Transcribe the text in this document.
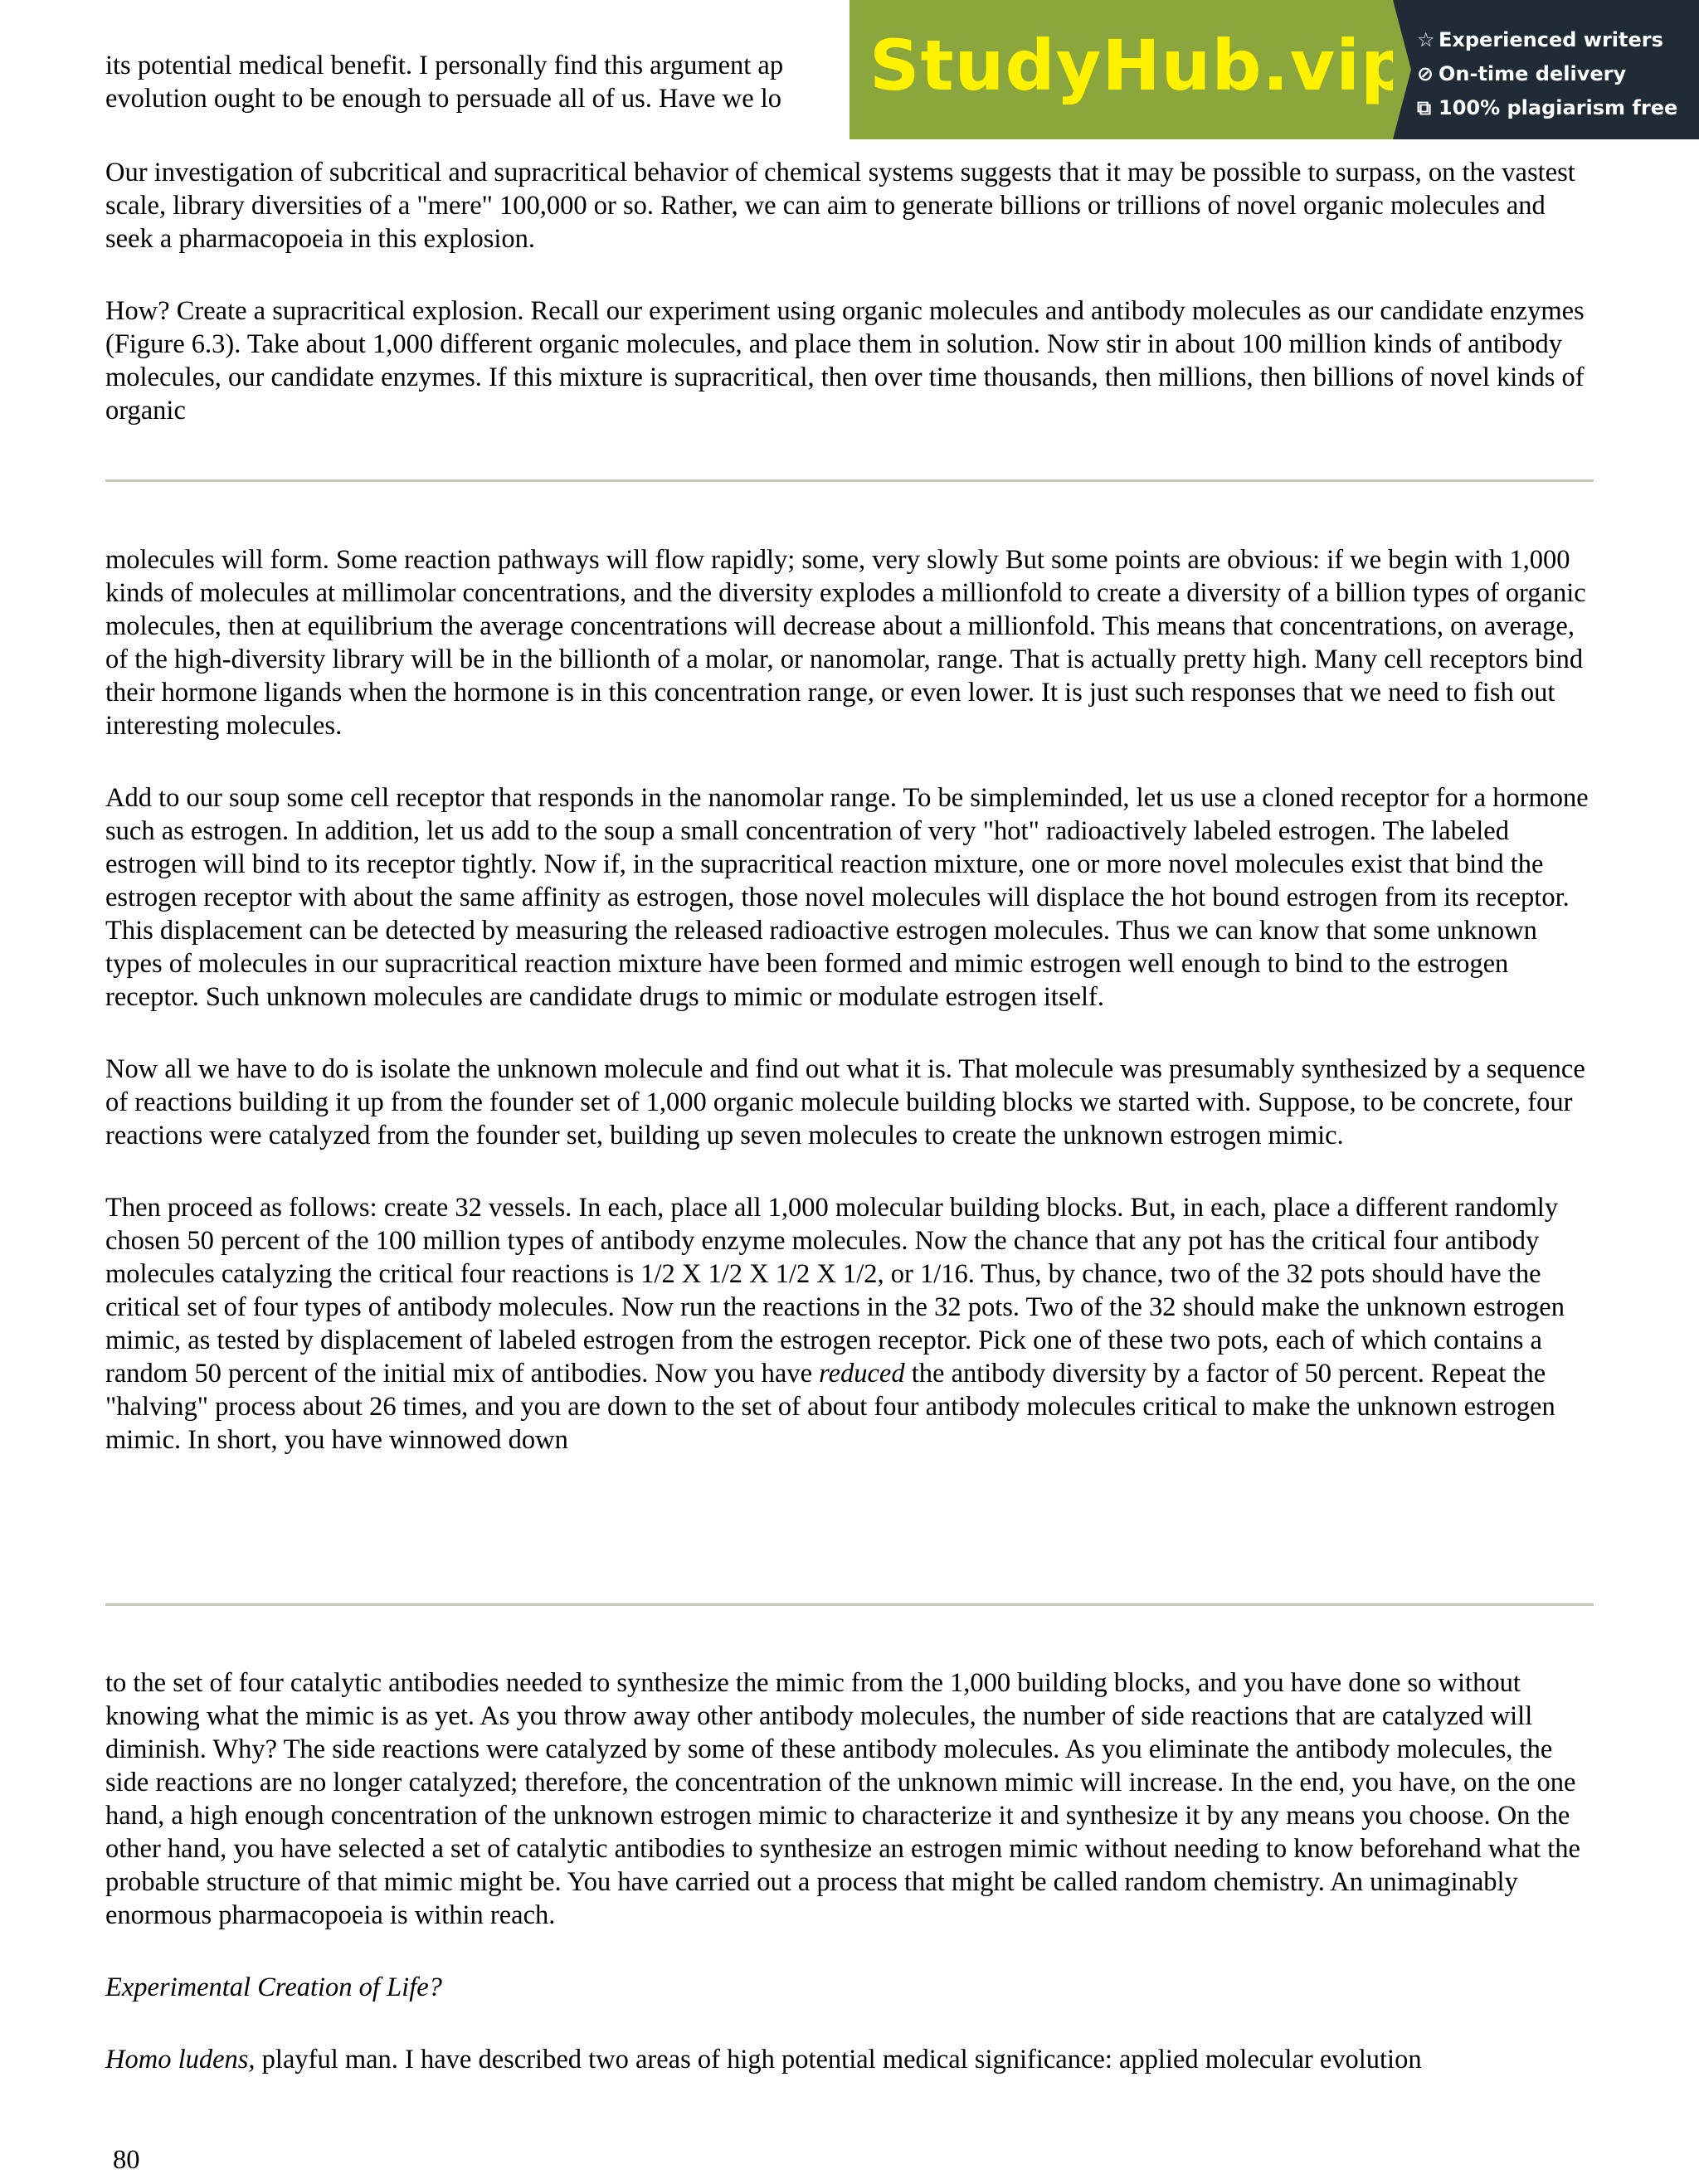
its potential medical benefit. I personally find this argument ap
evolution ought to be enough to persuade all of us. Have we lo

Our investigation of subcritical and supracritical behavior of chemical systems suggests that it may be possible to surpass, on the vastest scale, library diversities of a "mere" 100,000 or so. Rather, we can aim to generate billions or trillions of novel organic molecules and seek a pharmacopoeia in this explosion.

How? Create a supracritical explosion. Recall our experiment using organic molecules and antibody molecules as our candidate enzymes (Figure 6.3). Take about 1,000 different organic molecules, and place them in solution. Now stir in about 100 million kinds of antibody molecules, our candidate enzymes. If this mixture is supracritical, then over time thousands, then millions, then billions of novel kinds of organic

molecules will form. Some reaction pathways will flow rapidly; some, very slowly But some points are obvious: if we begin with 1,000 kinds of molecules at millimolar concentrations, and the diversity explodes a millionfold to create a diversity of a billion types of organic molecules, then at equilibrium the average concentrations will decrease about a millionfold. This means that concentrations, on average, of the high-diversity library will be in the billionth of a molar, or nanomolar, range. That is actually pretty high. Many cell receptors bind their hormone ligands when the hormone is in this concentration range, or even lower. It is just such responses that we need to fish out interesting molecules.

Add to our soup some cell receptor that responds in the nanomolar range. To be simpleminded, let us use a cloned receptor for a hormone such as estrogen. In addition, let us add to the soup a small concentration of very "hot" radioactively labeled estrogen. The labeled estrogen will bind to its receptor tightly. Now if, in the supracritical reaction mixture, one or more novel molecules exist that bind the estrogen receptor with about the same affinity as estrogen, those novel molecules will displace the hot bound estrogen from its receptor. This displacement can be detected by measuring the released radioactive estrogen molecules. Thus we can know that some unknown types of molecules in our supracritical reaction mixture have been formed and mimic estrogen well enough to bind to the estrogen receptor. Such unknown molecules are candidate drugs to mimic or modulate estrogen itself.

Now all we have to do is isolate the unknown molecule and find out what it is. That molecule was presumably synthesized by a sequence of reactions building it up from the founder set of 1,000 organic molecule building blocks we started with. Suppose, to be concrete, four reactions were catalyzed from the founder set, building up seven molecules to create the unknown estrogen mimic.

Then proceed as follows: create 32 vessels. In each, place all 1,000 molecular building blocks. But, in each, place a different randomly chosen 50 percent of the 100 million types of antibody enzyme molecules. Now the chance that any pot has the critical four antibody molecules catalyzing the critical four reactions is 1/2 X 1/2 X 1/2 X 1/2, or 1/16. Thus, by chance, two of the 32 pots should have the critical set of four types of antibody molecules. Now run the reactions in the 32 pots. Two of the 32 should make the unknown estrogen mimic, as tested by displacement of labeled estrogen from the estrogen receptor. Pick one of these two pots, each of which contains a random 50 percent of the initial mix of antibodies. Now you have reduced the antibody diversity by a factor of 50 percent. Repeat the "halving" process about 26 times, and you are down to the set of about four antibody molecules critical to make the unknown estrogen mimic. In short, you have winnowed down

to the set of four catalytic antibodies needed to synthesize the mimic from the 1,000 building blocks, and you have done so without knowing what the mimic is as yet. As you throw away other antibody molecules, the number of side reactions that are catalyzed will diminish. Why? The side reactions were catalyzed by some of these antibody molecules. As you eliminate the antibody molecules, the side reactions are no longer catalyzed; therefore, the concentration of the unknown mimic will increase. In the end, you have, on the one hand, a high enough concentration of the unknown estrogen mimic to characterize it and synthesize it by any means you choose. On the other hand, you have selected a set of catalytic antibodies to synthesize an estrogen mimic without needing to know beforehand what the probable structure of that mimic might be. You have carried out a process that might be called random chemistry. An unimaginably enormous pharmacopoeia is within reach.

Experimental Creation of Life?

Homo ludens, playful man. I have described two areas of high potential medical significance: applied molecular evolution

80
StudyHub.vip ☆ Experienced writers
⊘ On-time delivery
⧉ 100% plagiarism free
